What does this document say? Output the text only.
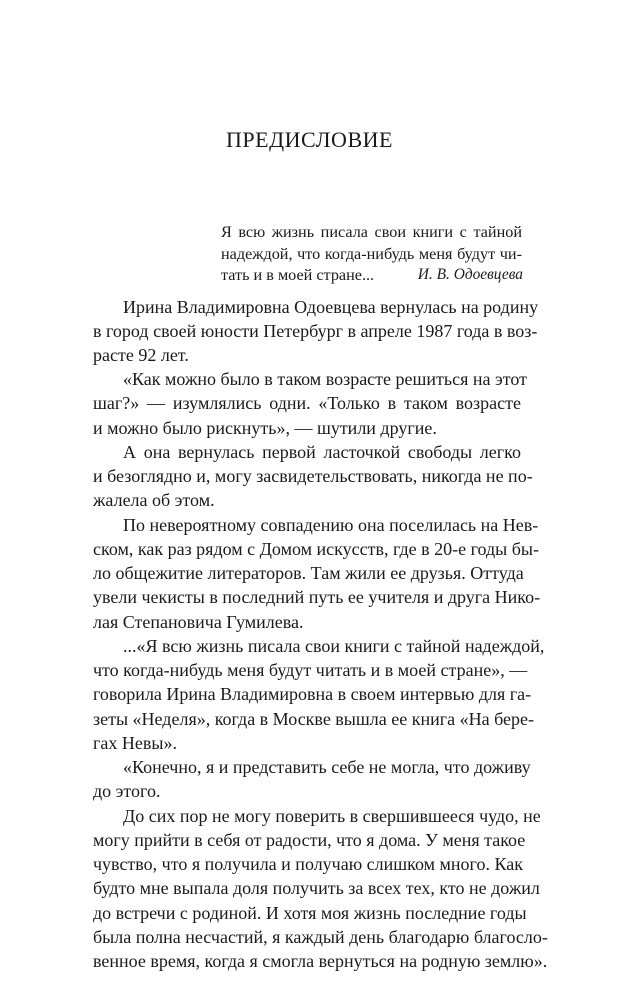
ПРЕДИСЛОВИЕ
Я всю жизнь писала свои книги с тайной
надеждой, что когда-нибудь меня будут чи-
тать и в моей стране...	И. В. Одоевцева
Ирина Владимировна Одоевцева вернулась на родину
в город своей юности Петербург в апреле 1987 года в воз-
расте 92 лет.
«Как можно было в таком возрасте решиться на этот
шаг?» — изумлялись одни. «Только в таком возрасте
и можно было рискнуть», — шутили другие.
А она вернулась первой ласточкой свободы легко
и безоглядно и, могу засвидетельствовать, никогда не по-
жалела об этом.
По невероятному совпадению она поселилась на Нев-
ском, как раз рядом с Домом искусств, где в 20-е годы бы-
ло общежитие литераторов. Там жили ее друзья. Оттуда
увели чекисты в последний путь ее учителя и друга Нико-
лая Степановича Гумилева.
...«Я всю жизнь писала свои книги с тайной надеждой,
что когда-нибудь меня будут читать и в моей стране», —
говорила Ирина Владимировна в своем интервью для га-
зеты «Неделя», когда в Москве вышла ее книга «На бере-
гах Невы».
«Конечно, я и представить себе не могла, что доживу
до этого.
До сих пор не могу поверить в свершившееся чудо, не
могу прийти в себя от радости, что я дома. У меня такое
чувство, что я получила и получаю слишком много. Как
будто мне выпала доля получить за всех тех, кто не дожил
до встречи с родиной. И хотя моя жизнь последние годы
была полна несчастий, я каждый день благодарю благосло-
венное время, когда я смогла вернуться на родную землю».
